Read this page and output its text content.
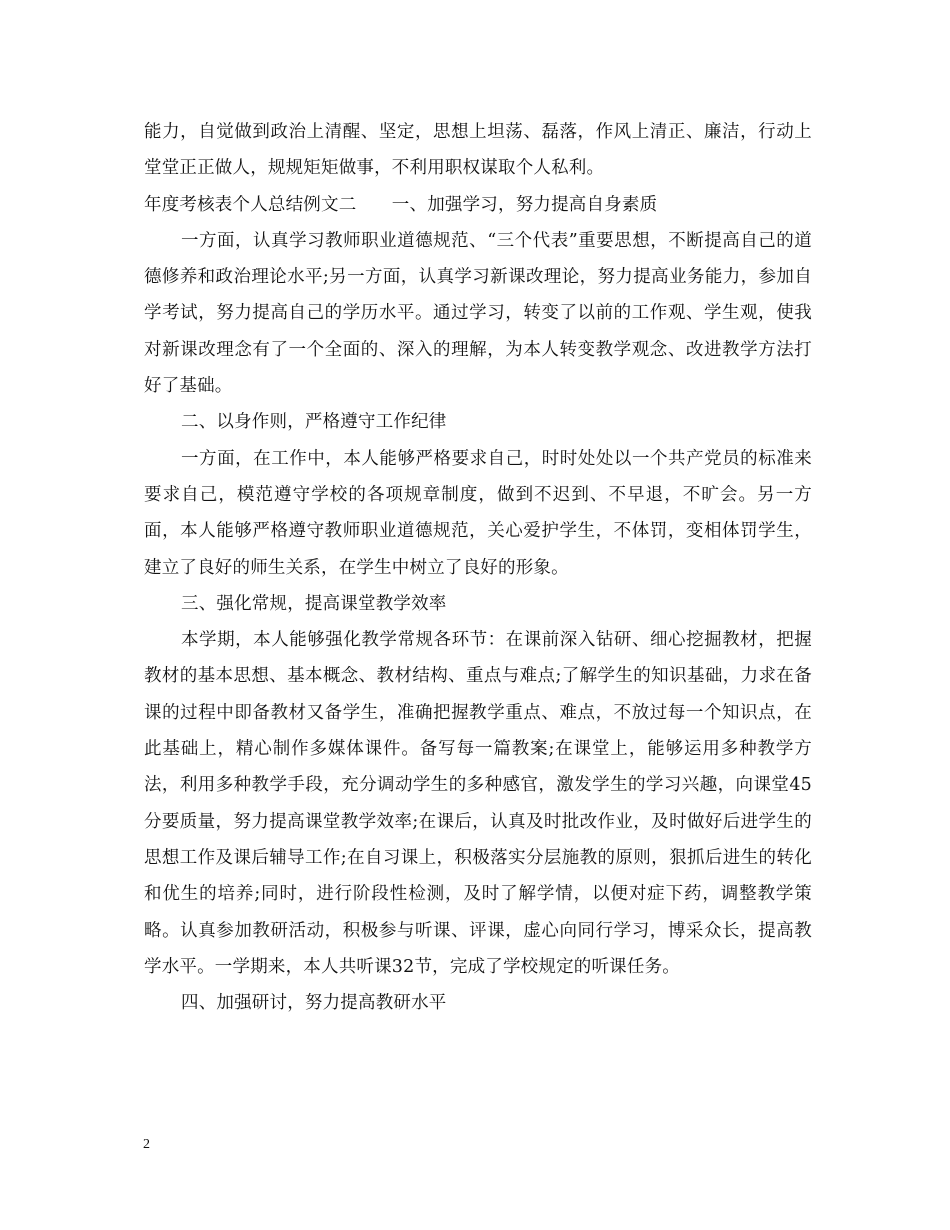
能力，自觉做到政治上清醒、坚定，思想上坦荡、磊落，作风上清正、廉洁，行动上堂堂正正做人，规规矩矩做事，不利用职权谋取个人私利。

年度考核表个人总结例文二　　一、加强学习，努力提高自身素质

一方面，认真学习教师职业道德规范、“三个代表”重要思想，不断提高自己的道德修养和政治理论水平;另一方面，认真学习新课改理论，努力提高业务能力，参加自学考试，努力提高自己的学历水平。通过学习，转变了以前的工作观、学生观，使我对新课改理念有了一个全面的、深入的理解，为本人转变教学观念、改进教学方法打好了基础。

二、以身作则，严格遵守工作纪律

一方面，在工作中，本人能够严格要求自己，时时处处以一个共产党员的标准来要求自己，模范遵守学校的各项规章制度，做到不迟到、不早退，不旷会。另一方面，本人能够严格遵守教师职业道德规范，关心爱护学生，不体罚，变相体罚学生，建立了良好的师生关系，在学生中树立了良好的形象。

三、强化常规，提高课堂教学效率

本学期，本人能够强化教学常规各环节：在课前深入钻研、细心挖掘教材，把握教材的基本思想、基本概念、教材结构、重点与难点;了解学生的知识基础，力求在备课的过程中即备教材又备学生，准确把握教学重点、难点，不放过每一个知识点，在此基础上，精心制作多媒体课件。备写每一篇教案;在课堂上，能够运用多种教学方法，利用多种教学手段，充分调动学生的多种感官，激发学生的学习兴趣，向课堂45分要质量，努力提高课堂教学效率;在课后，认真及时批改作业，及时做好后进学生的思想工作及课后辅导工作;在自习课上，积极落实分层施教的原则，狠抓后进生的转化和优生的培养;同时，进行阶段性检测，及时了解学情，以便对症下药，调整教学策略。认真参加教研活动，积极参与听课、评课，虚心向同行学习，博采众长，提高教学水平。一学期来，本人共听课32节，完成了学校规定的听课任务。

四、加强研讨，努力提高教研水平

2
